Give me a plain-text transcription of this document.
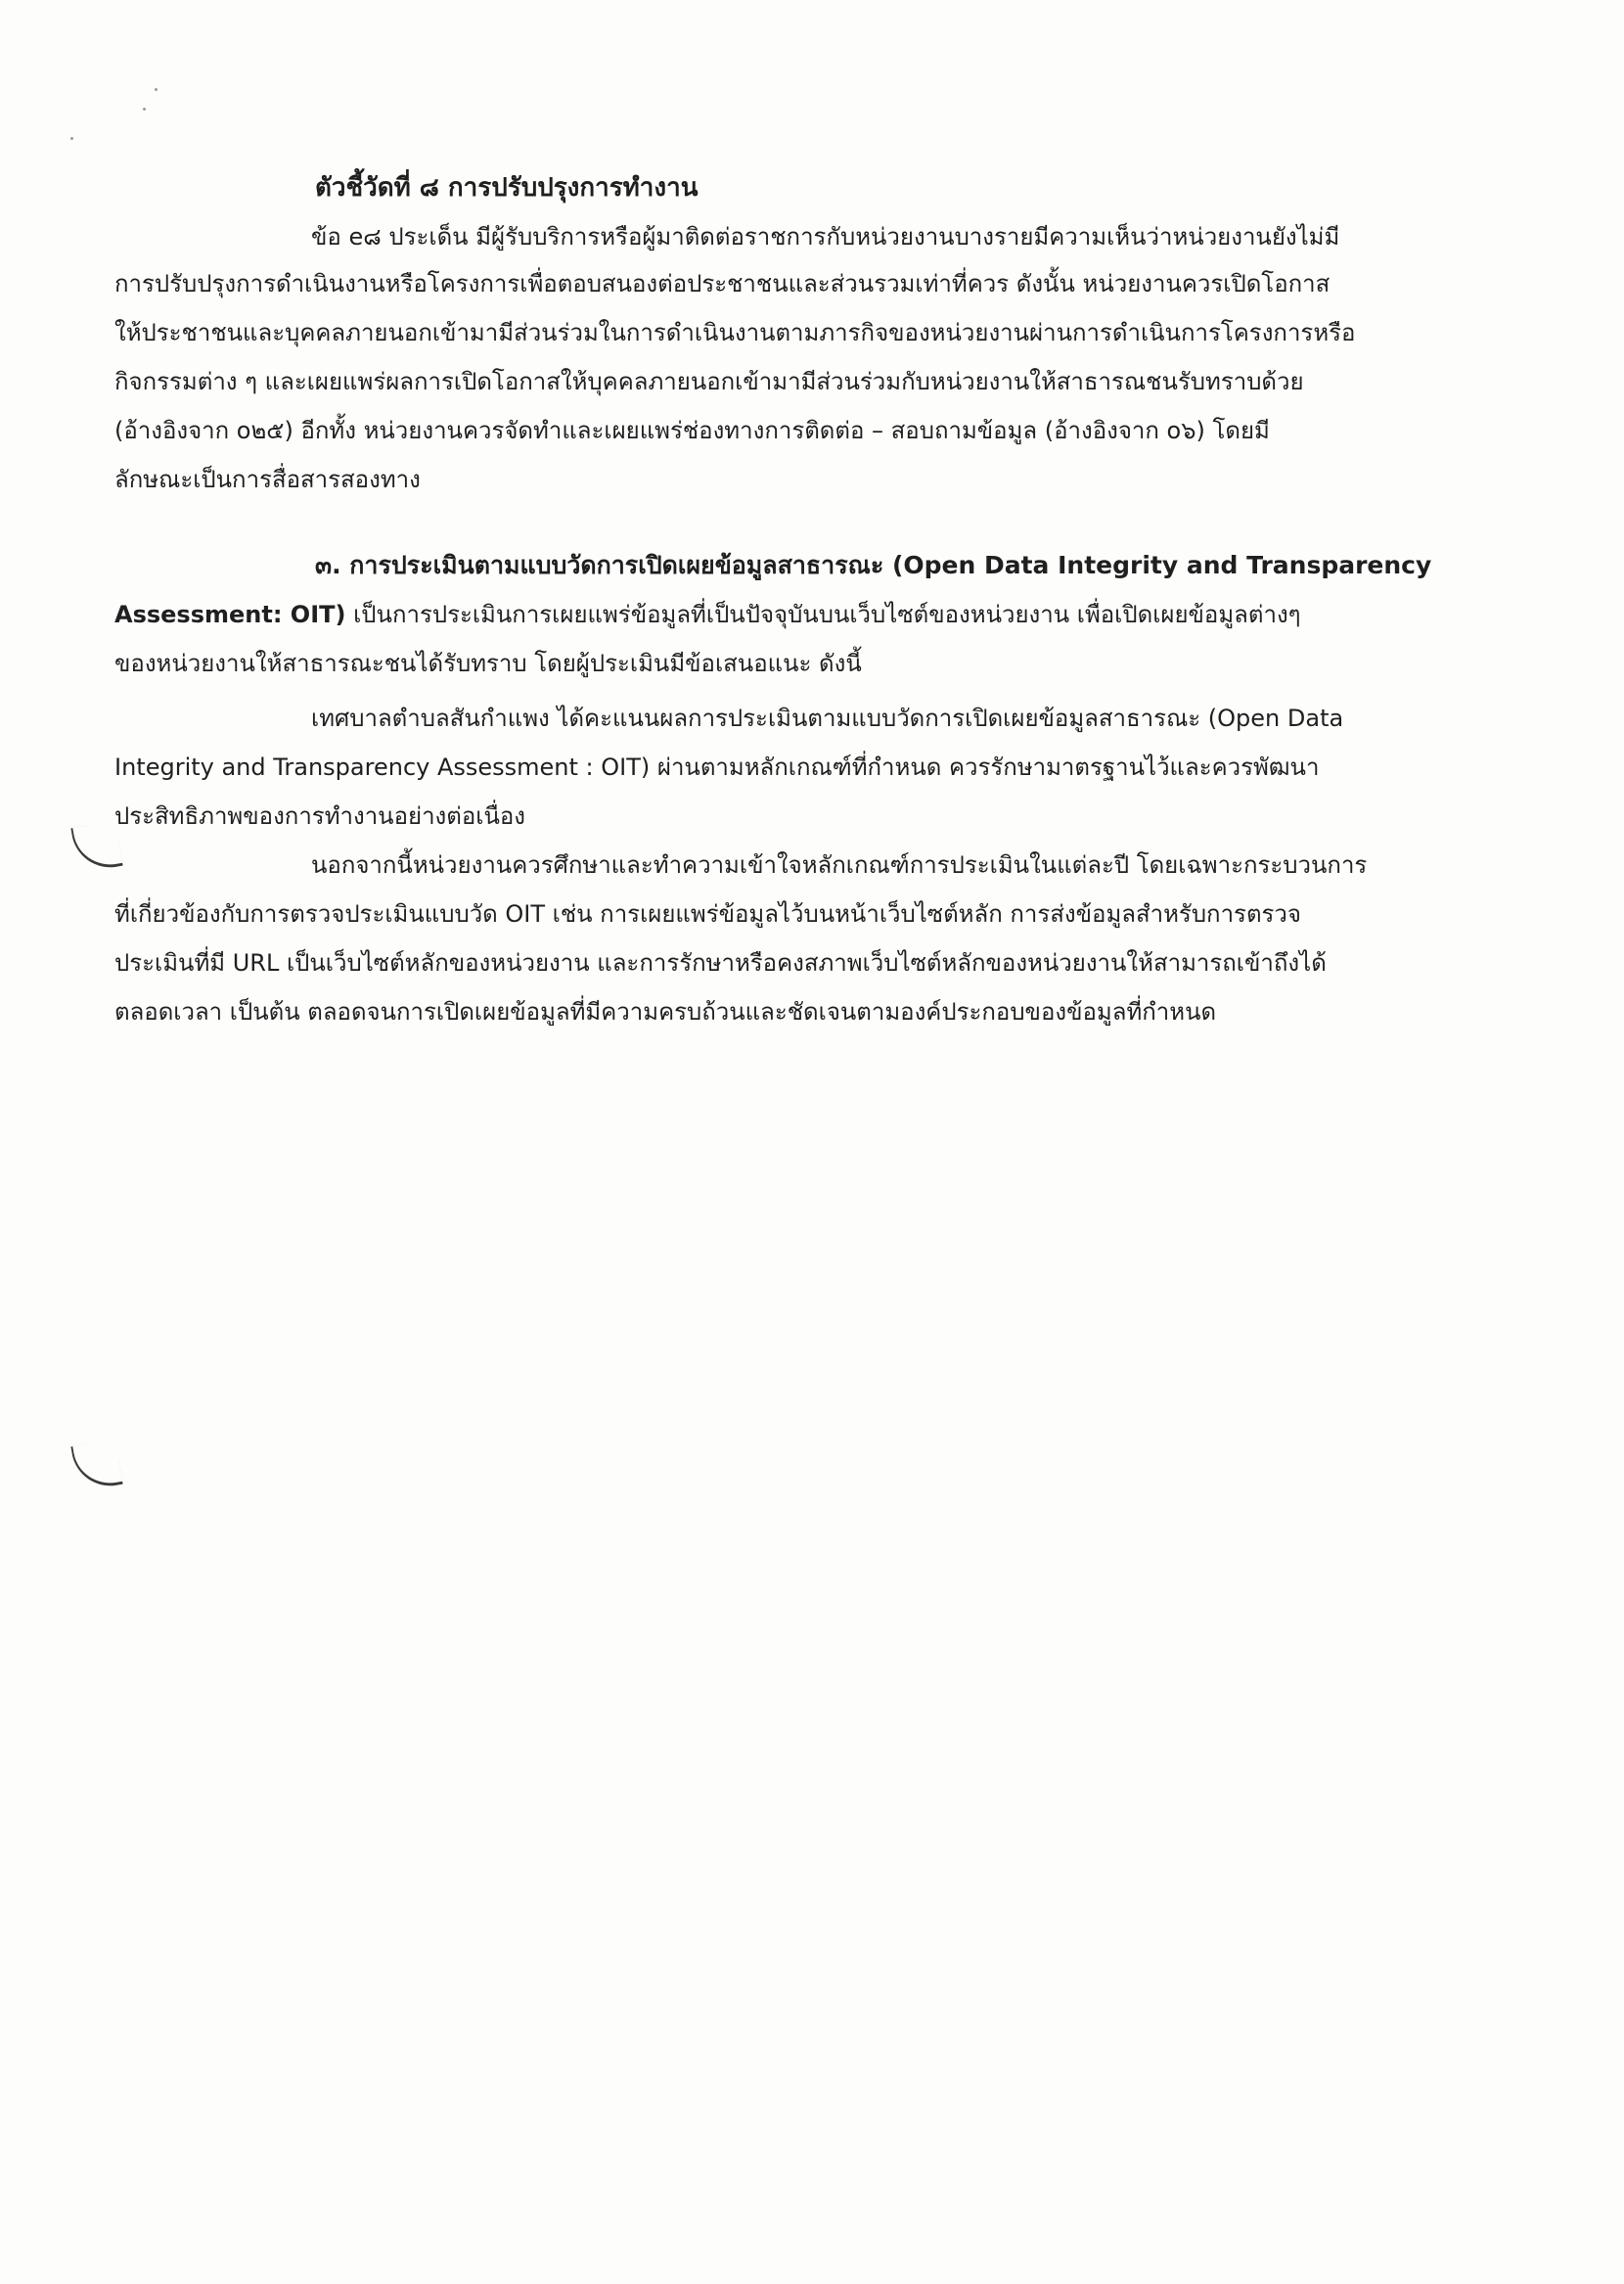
ตัวชี้วัดที่ ๘ การปรับปรุงการทำงาน
ข้อ e๘ ประเด็น มีผู้รับบริการหรือผู้มาติดต่อราชการกับหน่วยงานบางรายมีความเห็นว่าหน่วยงานยังไม่มี
การปรับปรุงการดำเนินงานหรือโครงการเพื่อตอบสนองต่อประชาชนและส่วนรวมเท่าที่ควร ดังนั้น หน่วยงานควรเปิดโอกาส
ให้ประชาชนและบุคคลภายนอกเข้ามามีส่วนร่วมในการดำเนินงานตามภารกิจของหน่วยงานผ่านการดำเนินการโครงการหรือ
กิจกรรมต่าง ๆ และเผยแพร่ผลการเปิดโอกาสให้บุคคลภายนอกเข้ามามีส่วนร่วมกับหน่วยงานให้สาธารณชนรับทราบด้วย
(อ้างอิงจาก o๒๕) อีกทั้ง หน่วยงานควรจัดทำและเผยแพร่ช่องทางการติดต่อ – สอบถามข้อมูล (อ้างอิงจาก o๖) โดยมี
ลักษณะเป็นการสื่อสารสองทาง
๓. การประเมินตามแบบวัดการเปิดเผยข้อมูลสาธารณะ (Open Data Integrity and Transparency
Assessment: OIT) เป็นการประเมินการเผยแพร่ข้อมูลที่เป็นปัจจุบันบนเว็บไซต์ของหน่วยงาน เพื่อเปิดเผยข้อมูลต่างๆ
ของหน่วยงานให้สาธารณะชนได้รับทราบ โดยผู้ประเมินมีข้อเสนอแนะ ดังนี้
เทศบาลตำบลสันกำแพง ได้คะแนนผลการประเมินตามแบบวัดการเปิดเผยข้อมูลสาธารณะ (Open Data
Integrity and Transparency Assessment : OIT) ผ่านตามหลักเกณฑ์ที่กำหนด ควรรักษามาตรฐานไว้และควรพัฒนา
ประสิทธิภาพของการทำงานอย่างต่อเนื่อง
นอกจากนี้หน่วยงานควรศึกษาและทำความเข้าใจหลักเกณฑ์การประเมินในแต่ละปี โดยเฉพาะกระบวนการ
ที่เกี่ยวข้องกับการตรวจประเมินแบบวัด OIT เช่น การเผยแพร่ข้อมูลไว้บนหน้าเว็บไซต์หลัก การส่งข้อมูลสำหรับการตรวจ
ประเมินที่มี URL เป็นเว็บไซต์หลักของหน่วยงาน และการรักษาหรือคงสภาพเว็บไซต์หลักของหน่วยงานให้สามารถเข้าถึงได้
ตลอดเวลา เป็นต้น ตลอดจนการเปิดเผยข้อมูลที่มีความครบถ้วนและชัดเจนตามองค์ประกอบของข้อมูลที่กำหนด
